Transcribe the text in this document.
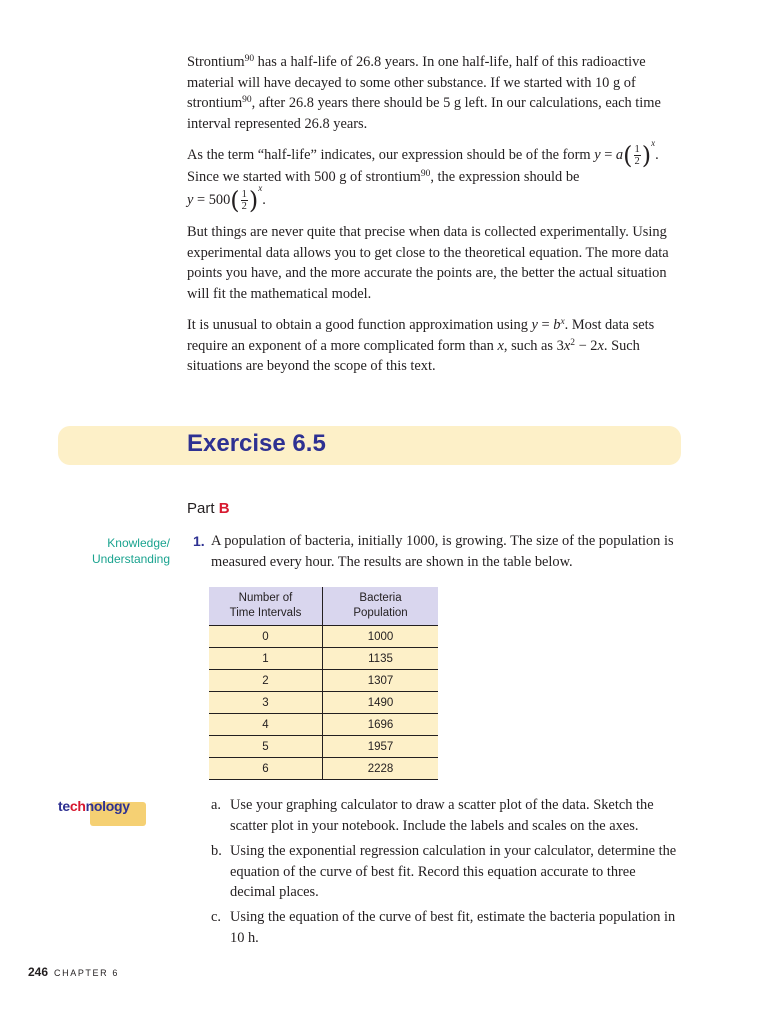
Strontium$^{90}$ has a half-life of 26.8 years. In one half-life, half of this radioactive material will have decayed to some other substance. If we started with 10 g of strontium$^{90}$, after 26.8 years there should be 5 g left. In our calculations, each time interval represented 26.8 years.

As the term “half-life” indicates, our expression should be of the form $y = a( \frac{1}{2} )^x$.
Since we started with 500 g of strontium$^{90}$, the expression should be
$y = 500( \frac{1}{2} )^x$.

But things are never quite that precise when data is collected experimentally. Using experimental data allows you to get close to the theoretical equation. The more data points you have, and the more accurate the points are, the better the actual situation will fit the mathematical model.

It is unusual to obtain a good function approximation using $y = b^x$. Most data sets require an exponent of a more complicated form than x, such as $3x^2 - 2x$. Such situations are beyond the scope of this text.

Exercise 6.5
Part B
Knowledge/
Understanding
1. A population of bacteria, initially 1000, is growing. The size of the population is measured every hour. The results are shown in the table below.

Number of
Time Intervals	Bacteria
Population
0	1000
1	1135
2	1307
3	1490
4	1696
5	1957
6	2228
technology	a. Use your graphing calculator to draw a scatter plot of the data. Sketch the scatter plot in your notebook. Include the labels and scales on the axes.
b. Using the exponential regression calculation in your calculator, determine the equation of the curve of best fit. Record this equation accurate to three decimal places.
c. Using the equation of the curve of best fit, estimate the bacteria population in 10 h.
246 CHAPTER 6
